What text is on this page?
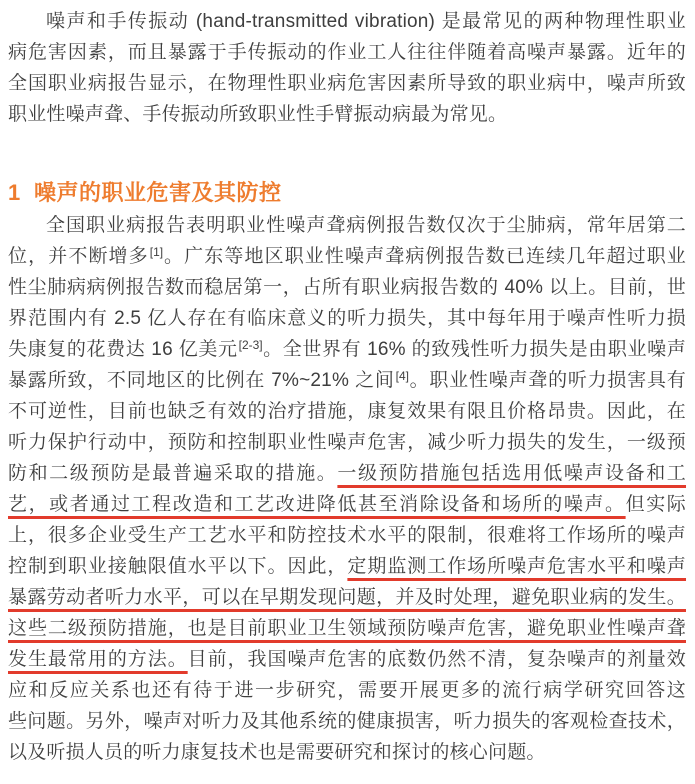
噪声和手传振动 (hand-transmitted vibration) 是最常见的两种物理性职业
病危害因素，而且暴露于手传振动的作业工人往往伴随着高噪声暴露。近年的
全国职业病报告显示，在物理性职业病危害因素所导致的职业病中，噪声所致
职业性噪声聋、手传振动所致职业性手臂振动病最为常见。
1  噪声的职业危害及其防控
全国职业病报告表明职业性噪声聋病例报告数仅次于尘肺病，常年居第二
位，并不断增多[1]。广东等地区职业性噪声聋病例报告数已连续几年超过职业
性尘肺病病例报告数而稳居第一，占所有职业病报告数的 40% 以上。目前，世
界范围内有 2.5 亿人存在有临床意义的听力损失，其中每年用于噪声性听力损
失康复的花费达 16 亿美元[2-3]。全世界有 16% 的致残性听力损失是由职业噪声
暴露所致，不同地区的比例在 7%~21% 之间[4]。职业性噪声聋的听力损害具有
不可逆性，目前也缺乏有效的治疗措施，康复效果有限且价格昂贵。因此，在
听力保护行动中，预防和控制职业性噪声危害，减少听力损失的发生，一级预
防和二级预防是最普遍采取的措施。一级预防措施包括选用低噪声设备和工
艺，或者通过工程改造和工艺改进降低甚至消除设备和场所的噪声。但实际
上，很多企业受生产工艺水平和防控技术水平的限制，很难将工作场所的噪声
控制到职业接触限值水平以下。因此，定期监测工作场所噪声危害水平和噪声
暴露劳动者听力水平，可以在早期发现问题，并及时处理，避免职业病的发生。
这些二级预防措施，也是目前职业卫生领域预防噪声危害，避免职业性噪声聋
发生最常用的方法。目前，我国噪声危害的底数仍然不清，复杂噪声的剂量效
应和反应关系也还有待于进一步研究，需要开展更多的流行病学研究回答这
些问题。另外，噪声对听力及其他系统的健康损害，听力损失的客观检查技术，
以及听损人员的听力康复技术也是需要研究和探讨的核心问题。
